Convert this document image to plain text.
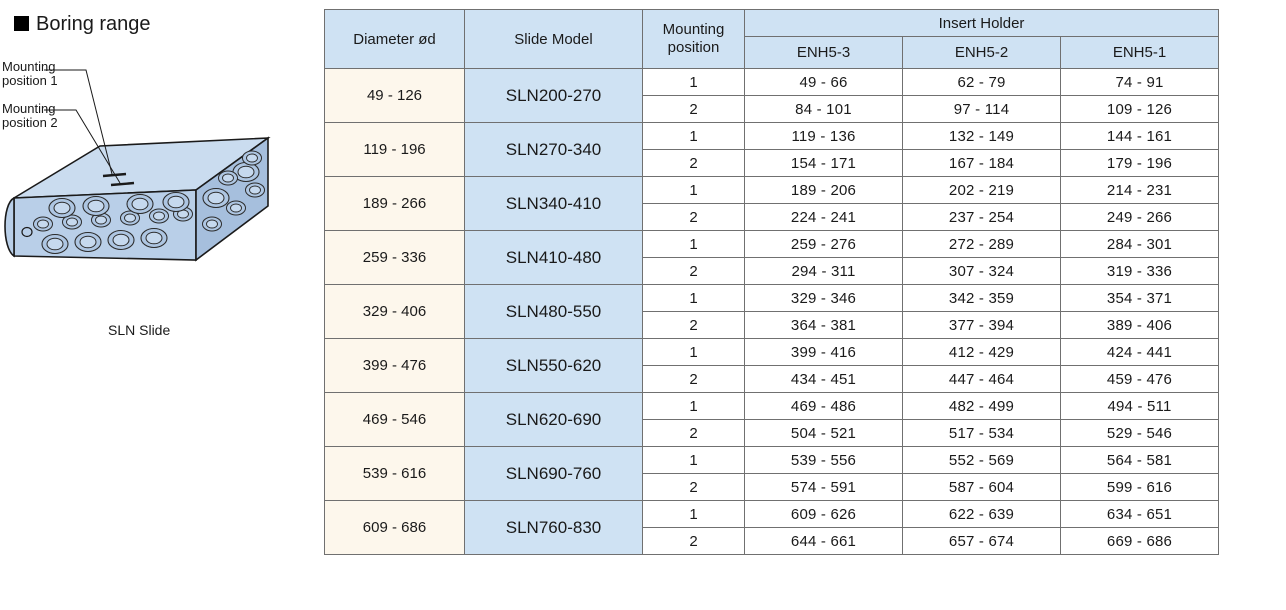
Boring range
Mounting
position 1
Mounting
position 2
SLN Slide
Diameter ød	Slide Model	Mounting
position	Insert Holder		
			ENH5-3	ENH5-2	ENH5-1
49 - 126	SLN200-270	1	49 - 66	62 - 79	74 - 91
		2	84 - 101	97 - 114	109 - 126
119 - 196	SLN270-340	1	119 - 136	132 - 149	144 - 161
		2	154 - 171	167 - 184	179 - 196
189 - 266	SLN340-410	1	189 - 206	202 - 219	214 - 231
		2	224 - 241	237 - 254	249 - 266
259 - 336	SLN410-480	1	259 - 276	272 - 289	284 - 301
		2	294 - 311	307 - 324	319 - 336
329 - 406	SLN480-550	1	329 - 346	342 - 359	354 - 371
		2	364 - 381	377 - 394	389 - 406
399 - 476	SLN550-620	1	399 - 416	412 - 429	424 - 441
		2	434 - 451	447 - 464	459 - 476
469 - 546	SLN620-690	1	469 - 486	482 - 499	494 - 511
		2	504 - 521	517 - 534	529 - 546
539 - 616	SLN690-760	1	539 - 556	552 - 569	564 - 581
		2	574 - 591	587 - 604	599 - 616
609 - 686	SLN760-830	1	609 - 626	622 - 639	634 - 651
		2	644 - 661	657 - 674	669 - 686
